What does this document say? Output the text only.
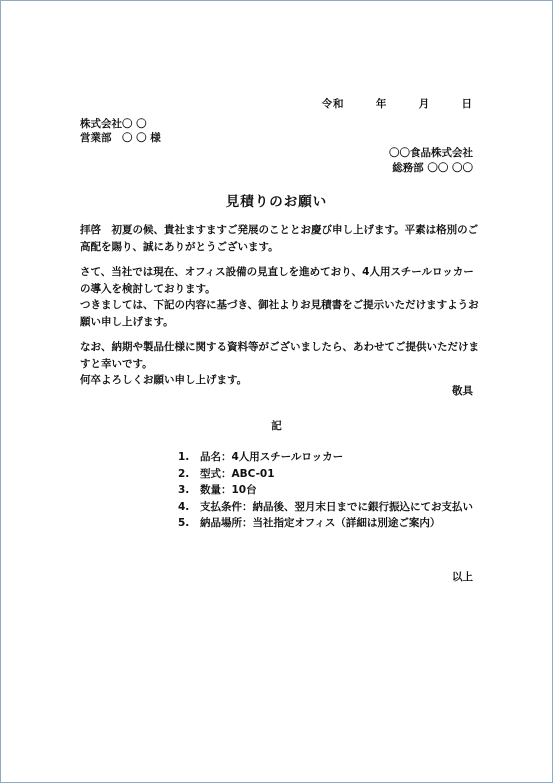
令和	年	月	日
株式会社〇 〇
営業部　〇 〇 様
〇〇食品株式会社
総務部 〇〇 〇〇
見積りのお願い

拝啓　初夏の候、貴社ますますご発展のこととお慶び申し上げます。平素は格別のご高配を賜り、誠にありがとうございます。

さて、当社では現在、オフィス設備の見直しを進めており、4人用スチールロッカーの導入を検討しております。
つきましては、下記の内容に基づき、御社よりお見積書をご提示いただけますようお願い申し上げます。

なお、納期や製品仕様に関する資料等がございましたら、あわせてご提供いただけますと幸いです。
何卒よろしくお願い申し上げます。

敬具
記
1.	品名：4人用スチールロッカー
2.	型式：ABC-01
3.	数量：10台
4.	支払条件：納品後、翌月末日までに銀行振込にてお支払い
5.	納品場所：当社指定オフィス（詳細は別途ご案内）
以上
